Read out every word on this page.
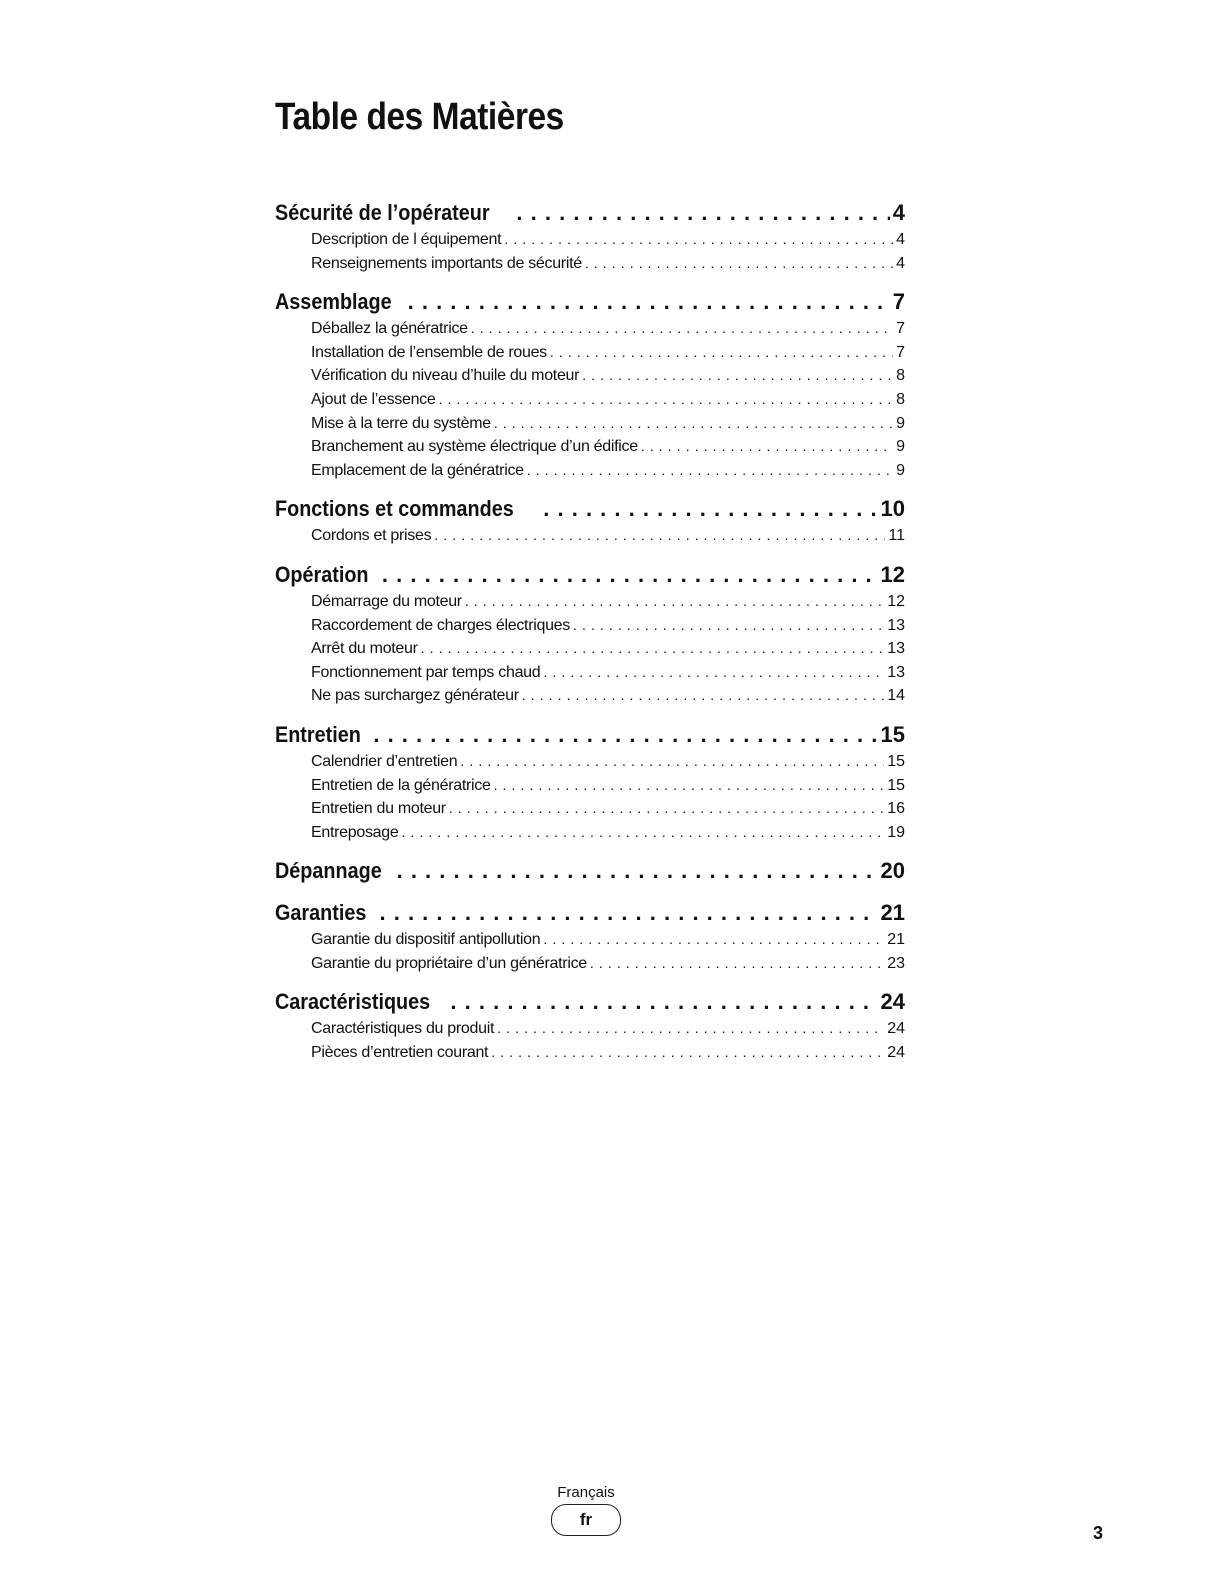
Table des Matières
Sécurité de l’opérateur . . .	4
Description de l équipement . . .	4
Renseignements importants de sécurité . . .	4
Assemblage . . .	7
Déballez la génératrice . . .	7
Installation de l’ensemble de roues . . .	7
Vérification du niveau d’huile du moteur . . .	8
Ajout de l’essence . . .	8
Mise à la terre du système . . .	9
Branchement au système électrique d’un édifice . . .	9
Emplacement de la génératrice . . .	9
Fonctions et commandes . . .	10
Cordons et prises . . .	11
Opération . . .	12
Démarrage du moteur . . .	12
Raccordement de charges électriques . . .	13
Arrêt du moteur . . .	13
Fonctionnement par temps chaud . . .	13
Ne pas surchargez générateur . . .	14
Entretien . . .	15
Calendrier d’entretien . . .	15
Entretien de la génératrice . . .	15
Entretien du moteur . . .	16
Entreposage . . .	19
Dépannage . . .	20
Garanties . . .	21
Garantie du dispositif antipollution . . .	21
Garantie du propriétaire d’un génératrice . . .	23
Caractéristiques . . .	24
Caractéristiques du produit . . .	24
Pièces d’entretien courant . . .	24
Français
fr
3
